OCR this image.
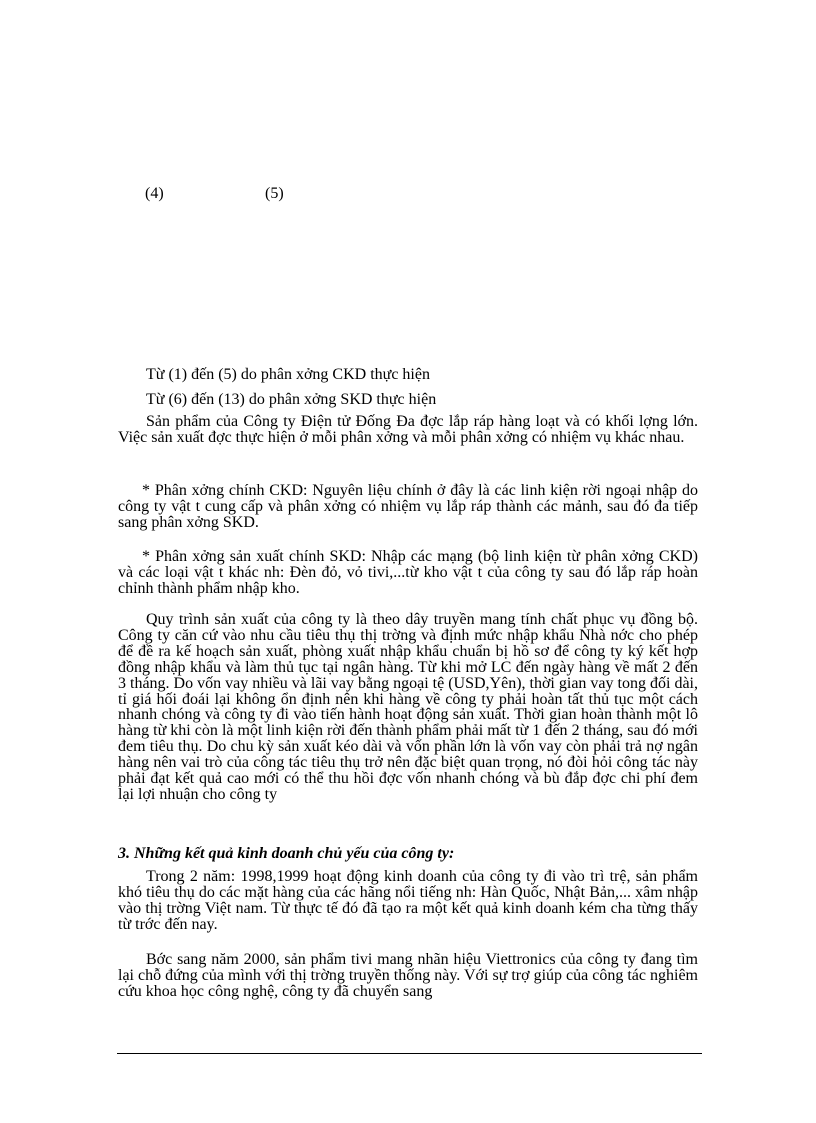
(4)	(5)
Từ (1) đến (5) do phân xởng CKD thực hiện
Từ (6) đến (13) do phân xởng SKD thực hiện
Sản phẩm của Công ty Điện tử Đống Đa đợc lắp ráp hàng loạt và có khối lợng lớn. Việc sản xuất đợc thực hiện ở mỗi phân xởng và mỗi phân xởng có nhiệm vụ khác nhau.
* Phân xởng chính CKD: Nguyên liệu chính ở đây là các linh kiện rời ngoại nhập do công ty vật t cung cấp và phân xởng có nhiệm vụ lắp ráp thành các mảnh, sau đó đa tiếp sang phân xởng SKD.
* Phân xởng sản xuất chính SKD: Nhập các mạng (bộ linh kiện từ phân xởng CKD) và các loại vật t khác nh: Đèn đỏ, vỏ tivi,...từ kho vật t của công ty sau đó lắp ráp hoàn chỉnh thành phẩm nhập kho.
Quy trình sản xuất của công ty là theo dây truyền mang tính chất phục vụ đồng bộ. Công ty căn cứ vào nhu cầu tiêu thụ thị trờng và định mức nhập khẩu Nhà nớc cho phép để đề ra kế hoạch sản xuất, phòng xuất nhập khẩu chuẩn bị hồ sơ để công ty ký kết hợp đồng nhập khẩu và làm thủ tục tại ngân hàng. Từ khi mở LC đến ngày hàng về mất 2 đến 3 tháng. Do vốn vay nhiều và lãi vay bằng ngoại tệ (USD,Yên), thời gian vay tong đối dài, tỉ giá hối đoái lại không ổn định nên khi hàng về công ty phải hoàn tất thủ tục một cách nhanh chóng và công ty đi vào tiến hành hoạt động sản xuất. Thời gian hoàn thành một lô hàng từ khi còn là một linh kiện rời đến thành phẩm phải mất từ 1 đến 2 tháng, sau đó mới đem tiêu thụ. Do chu kỳ sản xuất kéo dài và vốn phần lớn là vốn vay còn phải trả nợ ngân hàng nên vai trò của công tác tiêu thụ trở nên đặc biệt quan trọng, nó đòi hỏi công tác này phải đạt kết quả cao mới có thể thu hồi đợc vốn nhanh chóng và bù đắp đợc chi phí đem lại lợi nhuận cho công ty
3. Những kết quả kinh doanh chủ yếu của công ty:
Trong 2 năm: 1998,1999 hoạt động kinh doanh của công ty đi vào trì trệ, sản phẩm khó tiêu thụ do các mặt hàng của các hãng nổi tiếng nh: Hàn Quốc, Nhật Bản,... xâm nhập vào thị trờng Việt nam. Từ thực tế đó đã tạo ra một kết quả kinh doanh kém cha từng thấy từ trớc đến nay.
Bớc sang năm 2000, sản phẩm tivi mang nhãn hiệu Viettronics của công ty đang tìm lại chỗ đứng của mình với thị trờng truyền thống này. Với sự trợ giúp của công tác nghiêm cứu khoa học công nghệ, công ty đã chuyển sang
